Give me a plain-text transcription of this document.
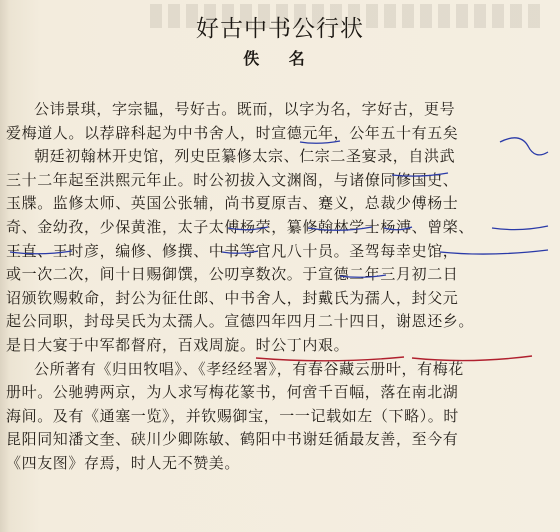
好古中书公行状
佚 名
公讳景琪，字宗韫，号好古。既而，以字为名，字好古，更号
爱梅道人。以荐辟科起为中书舍人，时宣德元年，公年五十有五矣
朝廷初翰林开史馆，列史臣纂修太宗、仁宗二圣宴录，自洪武
三十二年起至洪熙元年止。时公初拔入文渊阁，与诸僚同修国史、
玉牒。监修太师、英国公张辅，尚书夏原吉、蹇义，总裁少傅杨士
奇、金幼孜，少保黄淮，太子太傅杨荣，纂修翰林学士杨溥、曾棨、
王直、王时彦，编修、修撰、中书等官凡八十员。圣驾每幸史馆，
或一次二次，间十日赐御馔，公叨享数次。于宣德二年三月初二日
诏颁钦赐敕命，封公为征仕郎、中书舍人，封戴氏为孺人，封父元
起公同职，封母吴氏为太孺人。宣德四年四月二十四日，谢恩还乡。
是日大宴于中军都督府，百戏周旋。时公丁内艰。
公所著有《归田牧唱》、《孝经经署》，有春谷藏云册叶，有梅花
册叶。公驰骋两京，为人求写梅花篆书，何啻千百幅，落在南北湖
海间。及有《通塞一览》，并钦赐御宝，一一记载如左（下略）。时
昆阳同知潘文奎、硖川少卿陈敏、鹤阳中书谢廷循最友善，至今有
《四友图》存焉，时人无不赞美。
